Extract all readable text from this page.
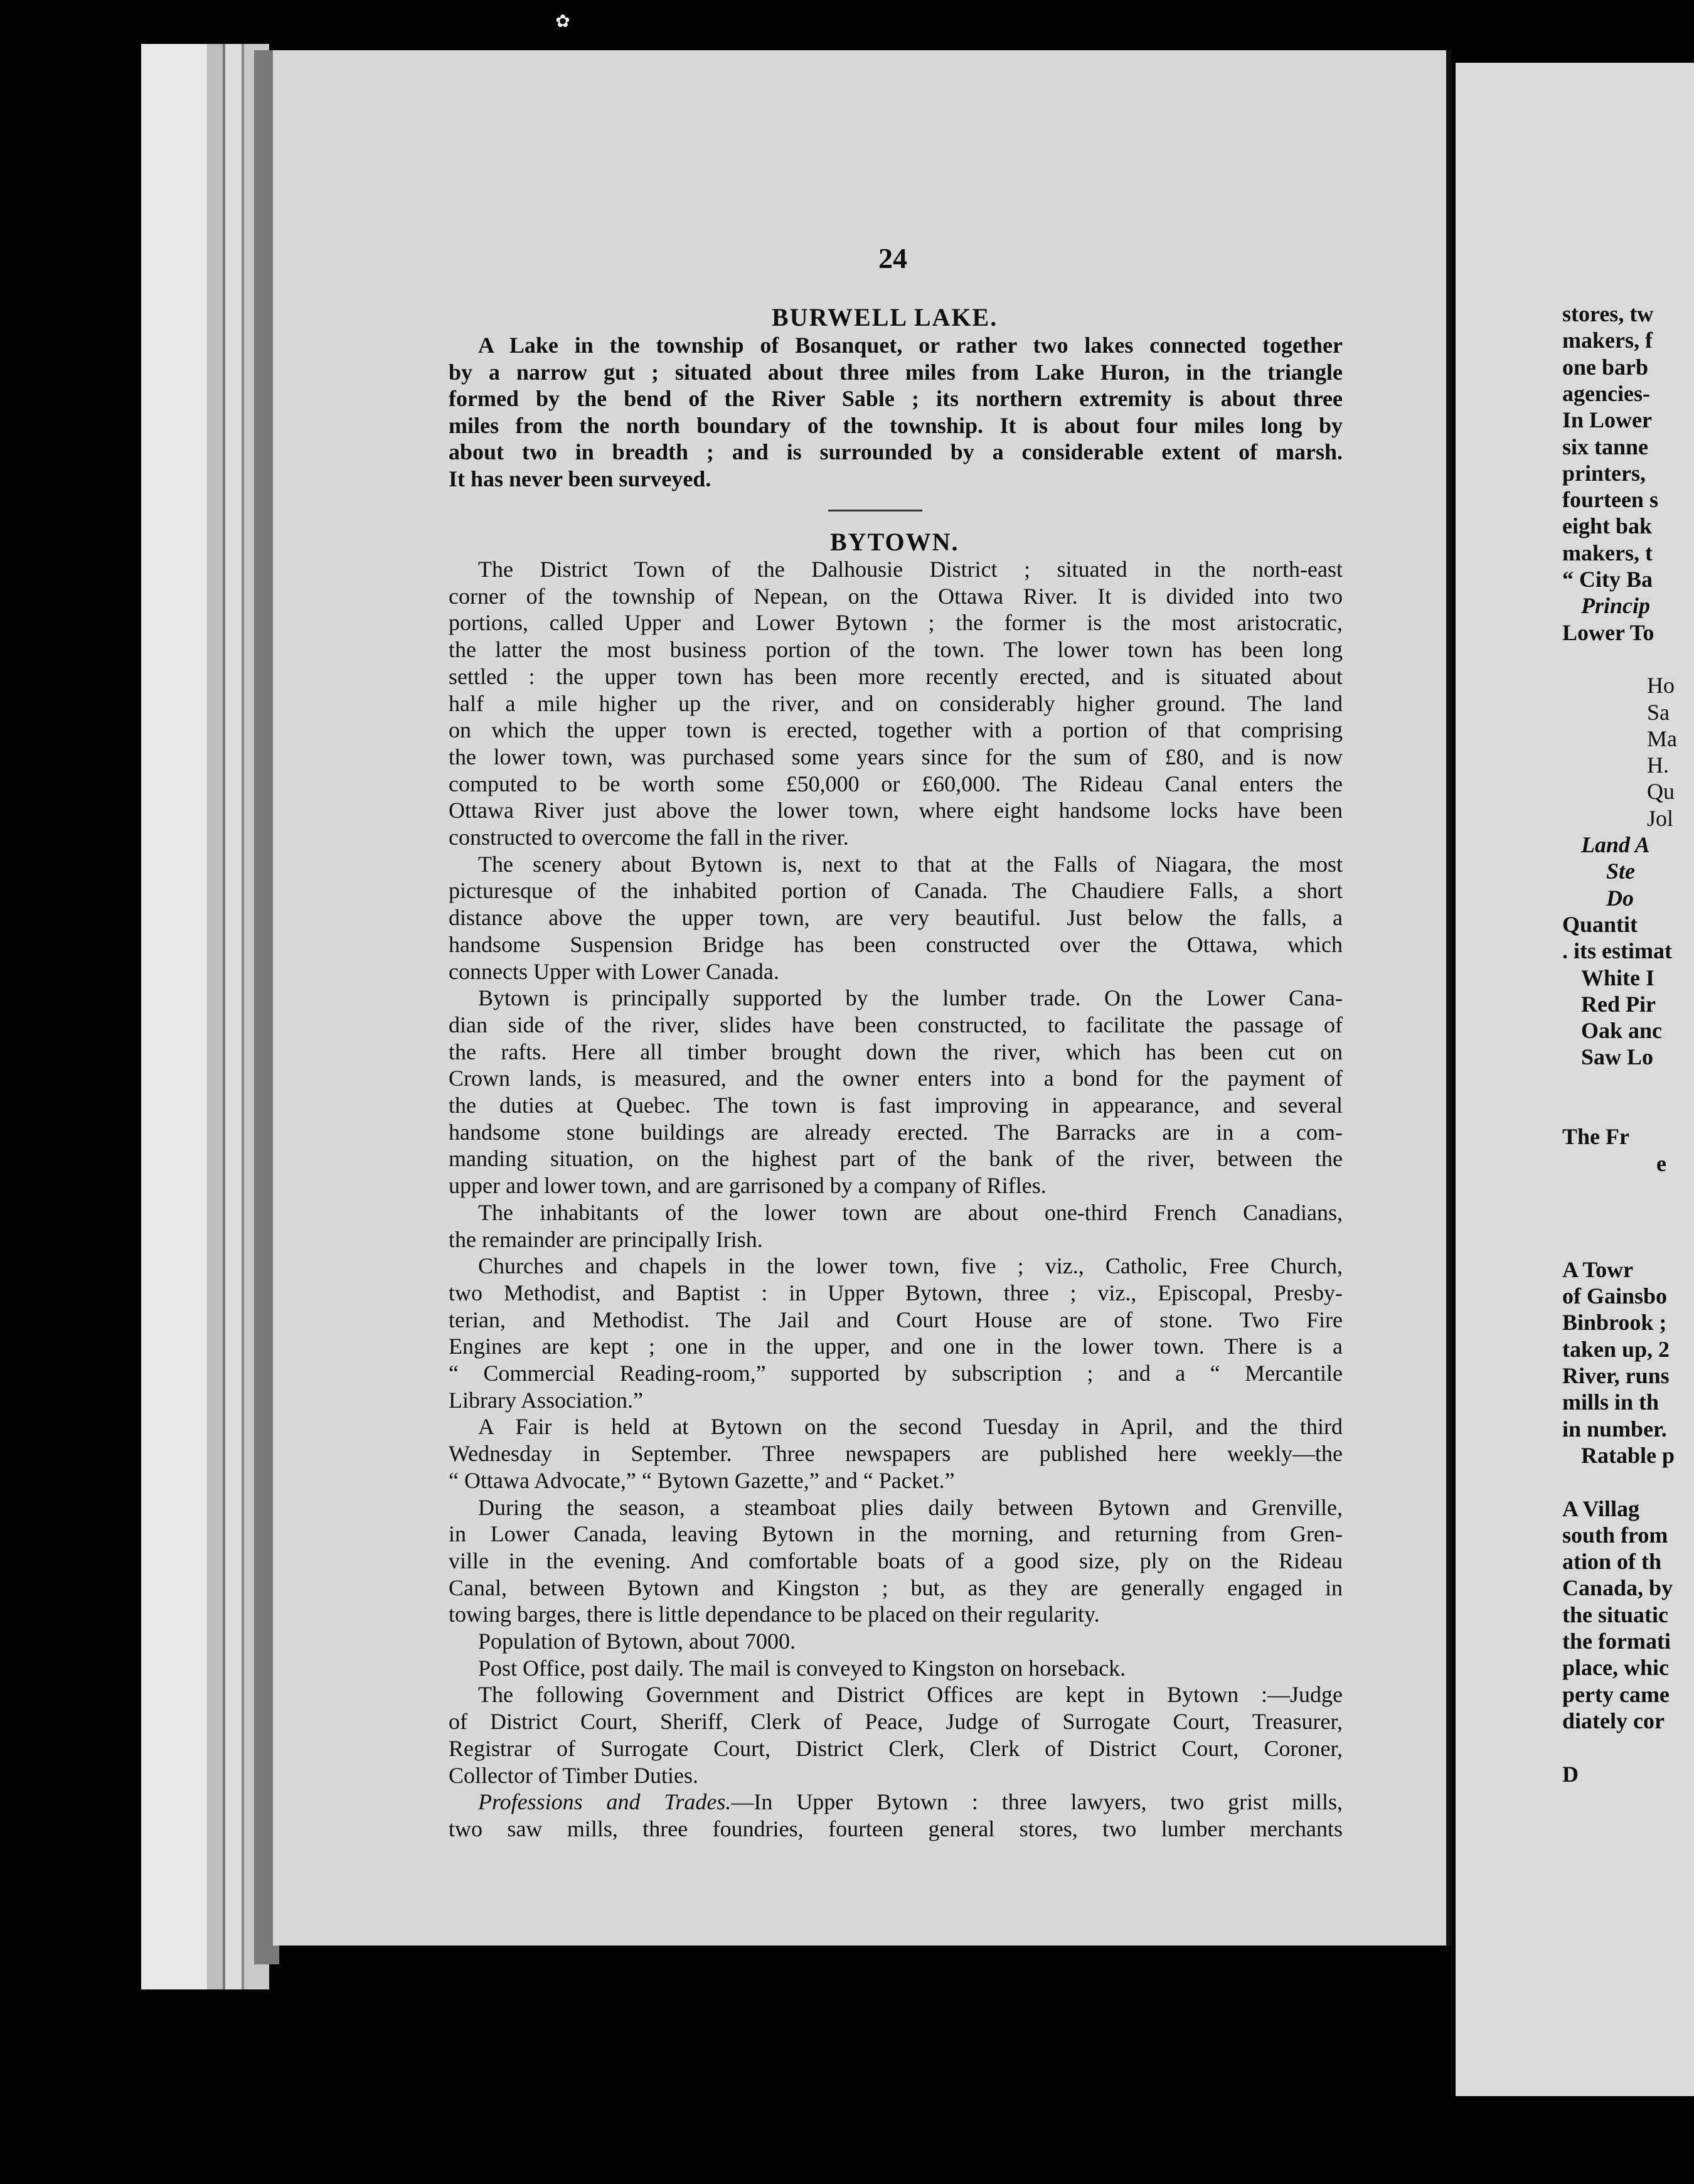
✿
24
BURWELL LAKE.
BYTOWN.
A Lake in the township of Bosanquet, or rather two lakes connected together
by a narrow gut ; situated about three miles from Lake Huron, in the triangle
formed by the bend of the River Sable ; its northern extremity is about three
miles from the north boundary of the township. It is about four miles long by
about two in breadth ; and is surrounded by a considerable extent of marsh.
It has never been surveyed.
The District Town of the Dalhousie District ; situated in the north-east
corner of the township of Nepean, on the Ottawa River. It is divided into two
portions, called Upper and Lower Bytown ; the former is the most aristocratic,
the latter the most business portion of the town. The lower town has been long
settled : the upper town has been more recently erected, and is situated about
half a mile higher up the river, and on considerably higher ground. The land
on which the upper town is erected, together with a portion of that comprising
the lower town, was purchased some years since for the sum of £80, and is now
computed to be worth some £50,000 or £60,000. The Rideau Canal enters the
Ottawa River just above the lower town, where eight handsome locks have been
constructed to overcome the fall in the river.
The scenery about Bytown is, next to that at the Falls of Niagara, the most
picturesque of the inhabited portion of Canada. The Chaudiere Falls, a short
distance above the upper town, are very beautiful. Just below the falls, a
handsome Suspension Bridge has been constructed over the Ottawa, which
connects Upper with Lower Canada.
Bytown is principally supported by the lumber trade. On the Lower Cana-
dian side of the river, slides have been constructed, to facilitate the passage of
the rafts. Here all timber brought down the river, which has been cut on
Crown lands, is measured, and the owner enters into a bond for the payment of
the duties at Quebec. The town is fast improving in appearance, and several
handsome stone buildings are already erected. The Barracks are in a com-
manding situation, on the highest part of the bank of the river, between the
upper and lower town, and are garrisoned by a company of Rifles.
The inhabitants of the lower town are about one-third French Canadians,
the remainder are principally Irish.
Churches and chapels in the lower town, five ; viz., Catholic, Free Church,
two Methodist, and Baptist : in Upper Bytown, three ; viz., Episcopal, Presby-
terian, and Methodist. The Jail and Court House are of stone. Two Fire
Engines are kept ; one in the upper, and one in the lower town. There is a
“ Commercial Reading-room,” supported by subscription ; and a “ Mercantile
Library Association.”
A Fair is held at Bytown on the second Tuesday in April, and the third
Wednesday in September. Three newspapers are published here weekly—the
“ Ottawa Advocate,” “ Bytown Gazette,” and “ Packet.”
During the season, a steamboat plies daily between Bytown and Grenville,
in Lower Canada, leaving Bytown in the morning, and returning from Gren-
ville in the evening. And comfortable boats of a good size, ply on the Rideau
Canal, between Bytown and Kingston ; but, as they are generally engaged in
towing barges, there is little dependance to be placed on their regularity.
Population of Bytown, about 7000.
Post Office, post daily. The mail is conveyed to Kingston on horseback.
The following Government and District Offices are kept in Bytown :—Judge
of District Court, Sheriff, Clerk of Peace, Judge of Surrogate Court, Treasurer,
Registrar of Surrogate Court, District Clerk, Clerk of District Court, Coroner,
Collector of Timber Duties.
Professions and Trades.—In Upper Bytown : three lawyers, two grist mills,
two saw mills, three foundries, fourteen general stores, two lumber merchants
stores, tw
makers, f
one barb
agencies-
In Lower
six tanne
printers,
fourteen s
eight bak
makers, t
“ City Ba
Princip
Lower To
Ho
Sa
Ma
H.
Qu
Jol
Land A
Ste
Do
Quantit
. its estimat
White I
Red Pir
Oak anc
Saw Lo
The Fr
e
A Towr
of Gainsbo
Binbrook ;
taken up, 2
River, runs
mills in th
in number.
Ratable p
A Villag
south from
ation of th
Canada, by
the situatic
the formati
place, whic
perty came
diately cor
D
